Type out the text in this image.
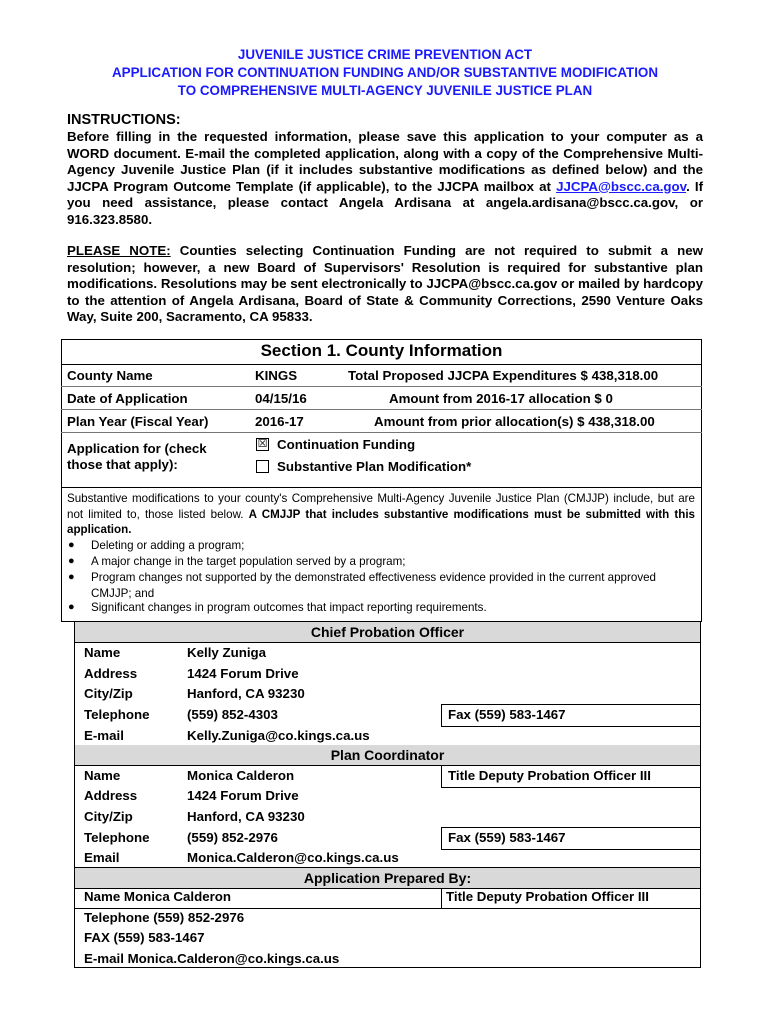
JUVENILE JUSTICE CRIME PREVENTION ACT
APPLICATION FOR CONTINUATION FUNDING AND/OR SUBSTANTIVE MODIFICATION
TO COMPREHENSIVE MULTI-AGENCY JUVENILE JUSTICE PLAN
INSTRUCTIONS:
Before filling in the requested information, please save this application to your computer as a WORD document. E-mail the completed application, along with a copy of the Comprehensive Multi-Agency Juvenile Justice Plan (if it includes substantive modifications as defined below) and the JJCPA Program Outcome Template (if applicable), to the JJCPA mailbox at JJCPA@bscc.ca.gov. If you need assistance, please contact Angela Ardisana at angela.ardisana@bscc.ca.gov, or 916.323.8580.
PLEASE NOTE: Counties selecting Continuation Funding are not required to submit a new resolution; however, a new Board of Supervisors' Resolution is required for substantive plan modifications. Resolutions may be sent electronically to JJCPA@bscc.ca.gov or mailed by hardcopy to the attention of Angela Ardisana, Board of State & Community Corrections, 2590 Venture Oaks Way, Suite 200, Sacramento, CA 95833.
Section 1. County Information
County Name	KINGS	Total Proposed JJCPA Expenditures $ 438,318.00
Date of Application	04/15/16	Amount from 2016-17 allocation $ 0
Plan Year (Fiscal Year)	2016-17	Amount from prior allocation(s) $ 438,318.00
Application for (check
those that apply):
☒ Continuation Funding
Substantive Plan Modification*
Substantive modifications to your county's Comprehensive Multi-Agency Juvenile Justice Plan (CMJJP) include, but are not limited to, those listed below. A CMJJP that includes substantive modifications must be submitted with this application.
● Deleting or adding a program;
● A major change in the target population served by a program;
● Program changes not supported by the demonstrated effectiveness evidence provided in the current approved CMJJP; and
● Significant changes in program outcomes that impact reporting requirements.
Chief Probation Officer
Name	Kelly Zuniga
Address	1424 Forum Drive
City/Zip	Hanford, CA 93230
Telephone	(559) 852-4303	Fax (559) 583-1467
E-mail	Kelly.Zuniga@co.kings.ca.us
Plan Coordinator
Name	Monica Calderon	Title Deputy Probation Officer III
Address	1424 Forum Drive
City/Zip	Hanford, CA 93230
Telephone	(559) 852-2976	Fax (559) 583-1467
Email	Monica.Calderon@co.kings.ca.us
Application Prepared By:
Name Monica Calderon	Title Deputy Probation Officer III
Telephone (559) 852-2976
FAX (559) 583-1467
E-mail Monica.Calderon@co.kings.ca.us
